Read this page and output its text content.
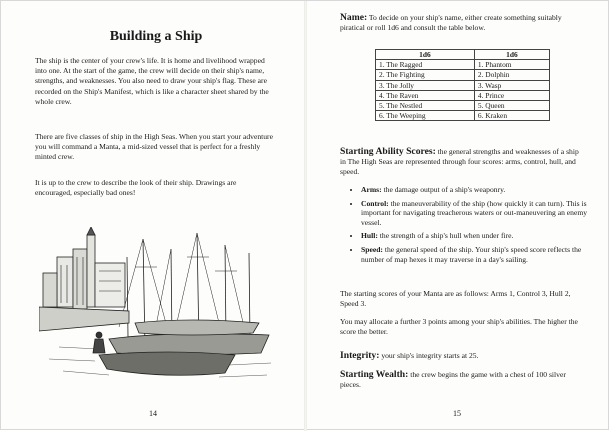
Building a Ship

The ship is the center of your crew's life. It is home and livelihood wrapped into one. At the start of the game, the crew will decide on their ship's name, strengths, and weaknesses. You also need to draw your ship's flag. These are recorded on the Ship's Manifest, which is like a character sheet shared by the whole crew.

There are five classes of ship in the High Seas. When you start your adventure you will command a Manta, a mid-sized vessel that is perfect for a freshly minted crew.

It is up to the crew to describe the look of their ship. Drawings are encouraged, especially bad ones!

14

Name: To decide on your ship's name, either create something suitably piratical or roll 1d6 and consult the table below.

1d6	1d6
1. The Ragged	1. Phantom
2. The Fighting	2. Dolphin
3. The Jolly	3. Wasp
4. The Raven	4. Prince
5. The Nestled	5. Queen
6. The Weeping	6. Kraken

Starting Ability Scores: the general strengths and weaknesses of a ship in The High Seas are represented through four scores: arms, control, hull, and speed.

• Arms: the damage output of a ship's weaponry.
• Control: the maneuverability of the ship (how quickly it can turn). This is important for navigating treacherous waters or out-maneuvering an enemy vessel.
• Hull: the strength of a ship's hull when under fire.
• Speed: the general speed of the ship. Your ship's speed score reflects the number of map hexes it may traverse in a day's sailing.

The starting scores of your Manta are as follows: Arms 1, Control 3, Hull 2, Speed 3.

You may allocate a further 3 points among your ship's abilities. The higher the score the better.

Integrity: your ship's integrity starts at 25.

Starting Wealth: the crew begins the game with a chest of 100 silver pieces.

15
